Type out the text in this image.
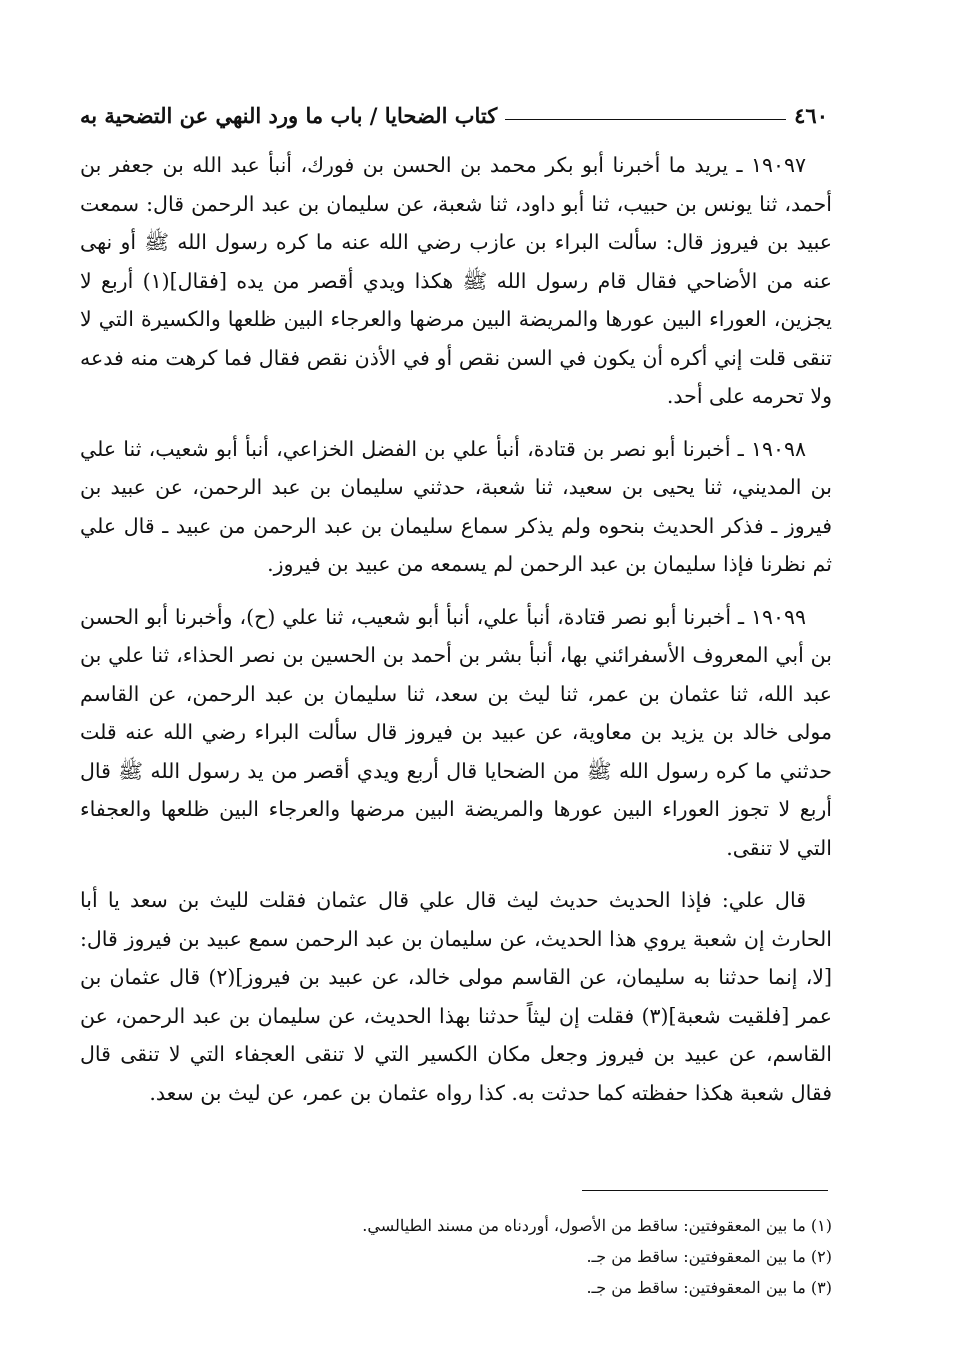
٤٦٠
كتاب الضحايا / باب ما ورد النهي عن التضحية به

١٩٠٩٧ ـ يريد ما أخبرنا أبو بكر محمد بن الحسن بن فورك، أنبأ عبد الله بن جعفر بن أحمد، ثنا يونس بن حبيب، ثنا أبو داود، ثنا شعبة، عن سليمان بن عبد الرحمن قال: سمعت عبيد بن فيروز قال: سألت البراء بن عازب رضي الله عنه ما كره رسول الله ﷺ أو نهى عنه من الأضاحي فقال قام رسول الله ﷺ هكذا ويدي أقصر من يده [فقال](١) أربع لا يجزين، العوراء البين عورها والمريضة البين مرضها والعرجاء البين ظلعها والكسيرة التي لا تنقى قلت إني أكره أن يكون في السن نقص أو في الأذن نقص فقال فما كرهت منه فدعه ولا تحرمه على أحد.

١٩٠٩٨ ـ أخبرنا أبو نصر بن قتادة، أنبأ علي بن الفضل الخزاعي، أنبأ أبو شعيب، ثنا علي بن المديني، ثنا يحيى بن سعيد، ثنا شعبة، حدثني سليمان بن عبد الرحمن، عن عبيد بن فيروز ـ فذكر الحديث بنحوه ولم يذكر سماع سليمان بن عبد الرحمن من عبيد ـ قال علي ثم نظرنا فإذا سليمان بن عبد الرحمن لم يسمعه من عبيد بن فيروز.

١٩٠٩٩ ـ أخبرنا أبو نصر قتادة، أنبأ علي، أنبأ أبو شعيب، ثنا علي (ح)، وأخبرنا أبو الحسن بن أبي المعروف الأسفرائني بها، أنبأ بشر بن أحمد بن الحسين بن نصر الحذاء، ثنا علي بن عبد الله، ثنا عثمان بن عمر، ثنا ليث بن سعد، ثنا سليمان بن عبد الرحمن، عن القاسم مولى خالد بن يزيد بن معاوية، عن عبيد بن فيروز قال سألت البراء رضي الله عنه قلت حدثني ما كره رسول الله ﷺ من الضحايا قال أربع ويدي أقصر من يد رسول الله ﷺ قال أربع لا تجوز العوراء البين عورها والمريضة البين مرضها والعرجاء البين ظلعها والعجفاء التي لا تنقى.

قال علي: فإذا الحديث حديث ليث قال علي قال عثمان فقلت لليث بن سعد يا أبا الحارث إن شعبة يروي هذا الحديث، عن سليمان بن عبد الرحمن سمع عبيد بن فيروز قال: [لا، إنما حدثنا به سليمان، عن القاسم مولى خالد، عن عبيد بن فيروز](٢) قال عثمان بن عمر [فلقيت شعبة](٣) فقلت إن ليثاً حدثنا بهذا الحديث، عن سليمان بن عبد الرحمن، عن القاسم، عن عبيد بن فيروز وجعل مكان الكسير التي لا تنقى العجفاء التي لا تنقى قال فقال شعبة هكذا حفظته كما حدثت به. كذا رواه عثمان بن عمر، عن ليث بن سعد.

(١) ما بين المعقوفتين: ساقط من الأصول، أوردناه من مسند الطيالسي.
(٢) ما بين المعقوفتين: ساقط من جـ.
(٣) ما بين المعقوفتين: ساقط من جـ.
